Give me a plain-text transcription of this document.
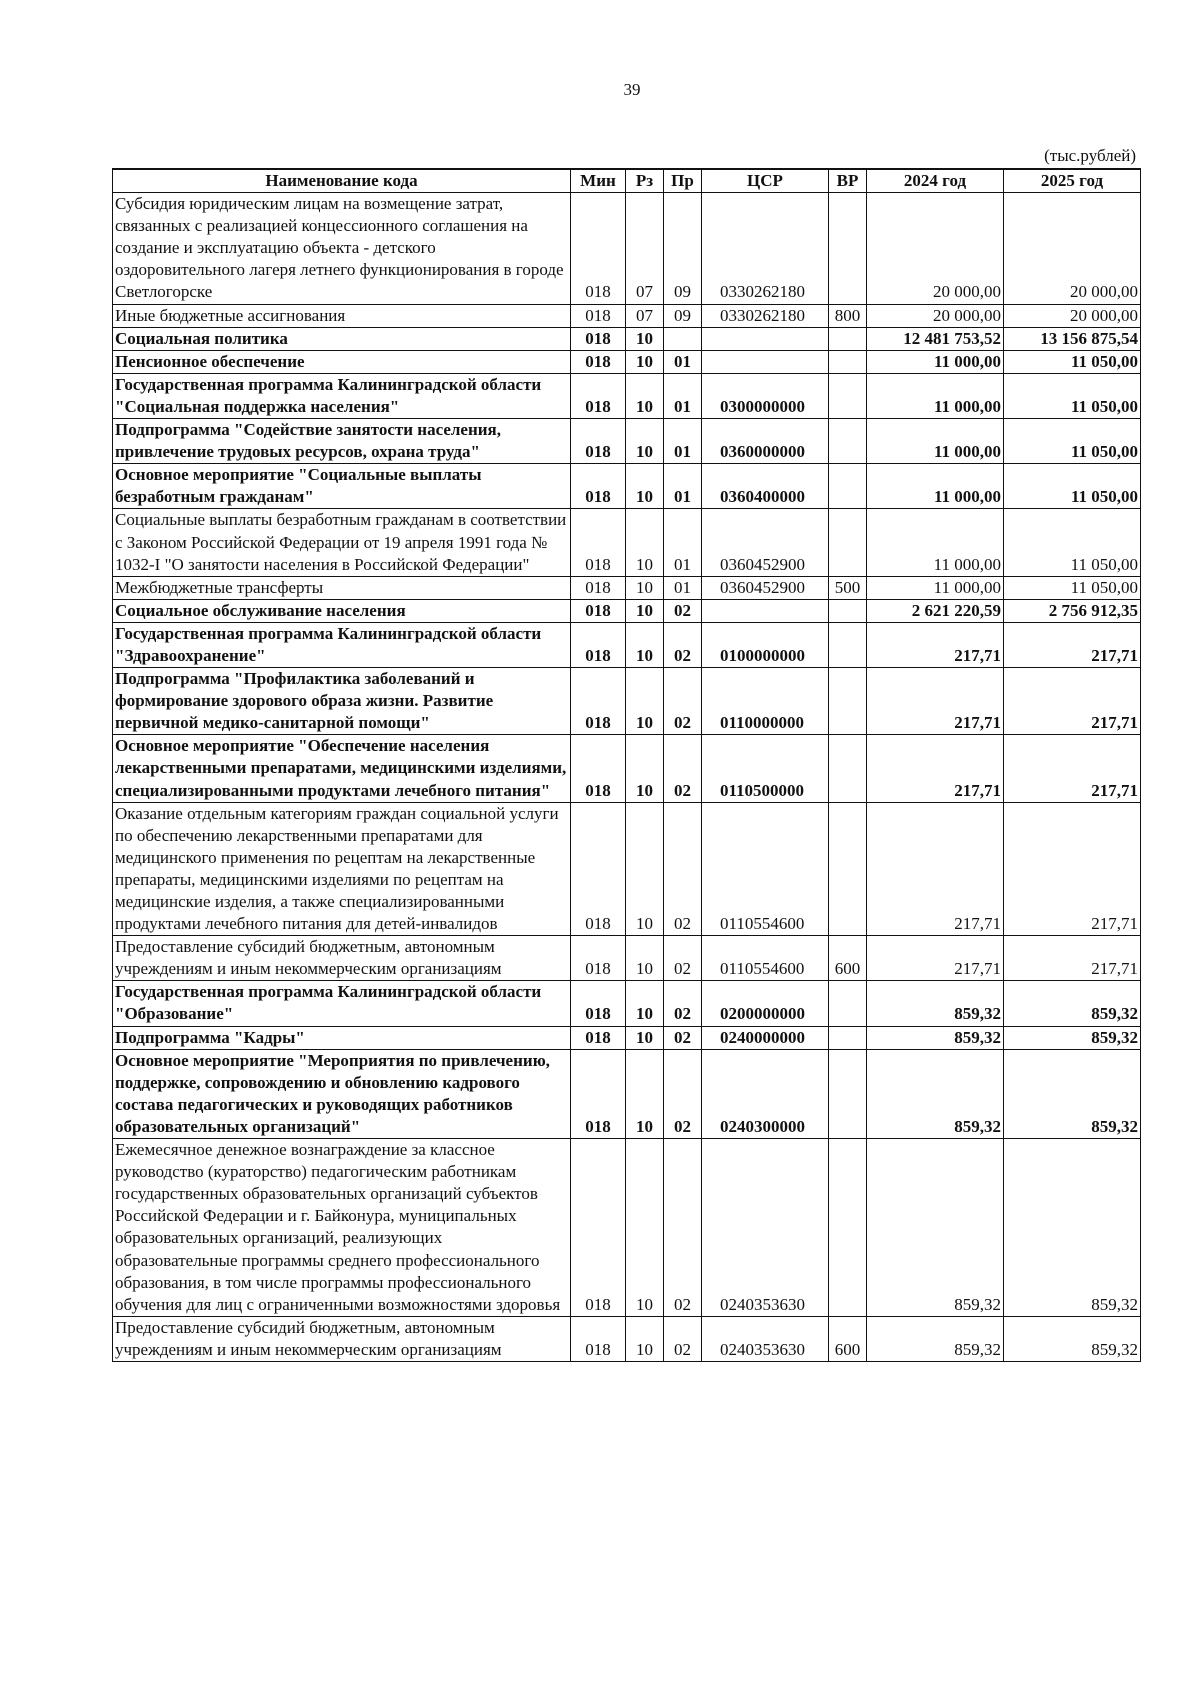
39
(тыс.рублей)
Наименование кода	Мин	Рз	Пр	ЦСР	ВР	2024 год	2025 год
Субсидия юридическим лицам на возмещение затрат, связанных с реализацией концессионного соглашения на создание и эксплуатацию объекта - детского оздоровительного лагеря летнего функционирования в городе Светлогорске	018	07	09	0330262180		20 000,00	20 000,00
Иные бюджетные ассигнования	018	07	09	0330262180	800	20 000,00	20 000,00
Социальная политика	018	10				12 481 753,52	13 156 875,54
Пенсионное обеспечение	018	10	01			11 000,00	11 050,00
Государственная программа Калининградской области "Социальная поддержка населения"	018	10	01	0300000000		11 000,00	11 050,00
Подпрограмма "Содействие занятости населения, привлечение трудовых ресурсов, охрана труда"	018	10	01	0360000000		11 000,00	11 050,00
Основное мероприятие "Социальные выплаты безработным гражданам"	018	10	01	0360400000		11 000,00	11 050,00
Социальные выплаты безработным гражданам в соответствии с Законом Российской Федерации от 19 апреля 1991 года № 1032-I "О занятости населения в Российской Федерации"	018	10	01	0360452900		11 000,00	11 050,00
Межбюджетные трансферты	018	10	01	0360452900	500	11 000,00	11 050,00
Социальное обслуживание населения	018	10	02			2 621 220,59	2 756 912,35
Государственная программа Калининградской области "Здравоохранение"	018	10	02	0100000000		217,71	217,71
Подпрограмма "Профилактика заболеваний и формирование здорового образа жизни. Развитие первичной медико-санитарной помощи"	018	10	02	0110000000		217,71	217,71
Основное мероприятие "Обеспечение населения лекарственными препаратами, медицинскими изделиями, специализированными продуктами лечебного питания"	018	10	02	0110500000		217,71	217,71
Оказание отдельным категориям граждан социальной услуги по обеспечению лекарственными препаратами для медицинского применения по рецептам на лекарственные препараты, медицинскими изделиями по рецептам на медицинские изделия, а также специализированными продуктами лечебного питания для детей-инвалидов	018	10	02	0110554600		217,71	217,71
Предоставление субсидий бюджетным, автономным учреждениям и иным некоммерческим организациям	018	10	02	0110554600	600	217,71	217,71
Государственная программа Калининградской области "Образование"	018	10	02	0200000000		859,32	859,32
Подпрограмма "Кадры"	018	10	02	0240000000		859,32	859,32
Основное мероприятие "Мероприятия по привлечению, поддержке, сопровождению и обновлению кадрового состава педагогических и руководящих работников образовательных организаций"	018	10	02	0240300000		859,32	859,32
Ежемесячное денежное вознаграждение за классное руководство (кураторство) педагогическим работникам государственных образовательных организаций субъектов Российской Федерации и г. Байконура, муниципальных образовательных организаций, реализующих образовательные программы среднего профессионального образования, в том числе программы профессионального обучения для лиц с ограниченными возможностями здоровья	018	10	02	0240353630		859,32	859,32
Предоставление субсидий бюджетным, автономным учреждениям и иным некоммерческим организациям	018	10	02	0240353630	600	859,32	859,32
